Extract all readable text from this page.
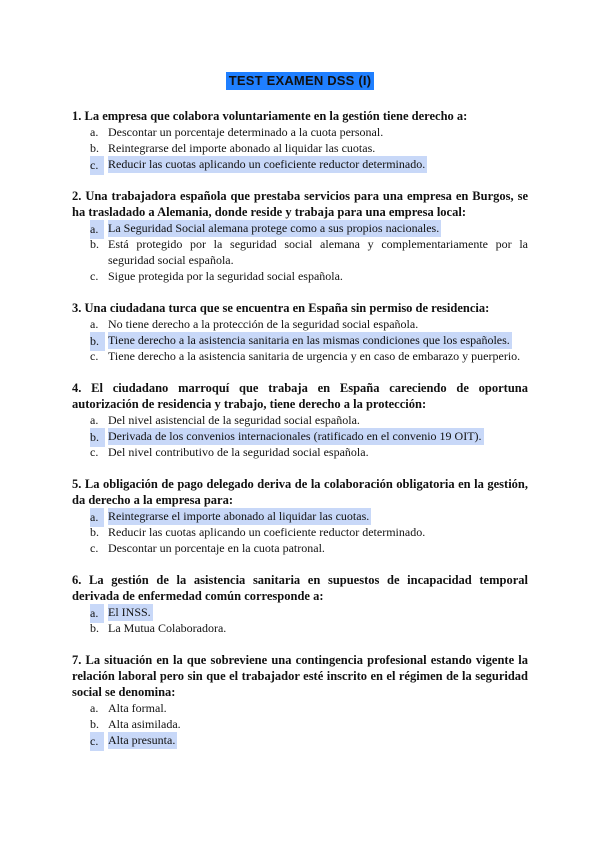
TEST EXAMEN DSS (I)

1. La empresa que colabora voluntariamente en la gestión tiene derecho a:

a. Descontar un porcentaje determinado a la cuota personal.

b. Reintegrarse del importe abonado al liquidar las cuotas.

c. Reducir las cuotas aplicando un coeficiente reductor determinado.

2. Una trabajadora española que prestaba servicios para una empresa en Burgos, se ha trasladado a Alemania, donde reside y trabaja para una empresa local:

a. La Seguridad Social alemana protege como a sus propios nacionales.

b. Está protegido por la seguridad social alemana y complementariamente por la seguridad social española.

c. Sigue protegida por la seguridad social española.

3. Una ciudadana turca que se encuentra en España sin permiso de residencia:

a. No tiene derecho a la protección de la seguridad social española.

b. Tiene derecho a la asistencia sanitaria en las mismas condiciones que los españoles.

c. Tiene derecho a la asistencia sanitaria de urgencia y en caso de embarazo y puerperio.

4. El ciudadano marroquí que trabaja en España careciendo de oportuna autorización de residencia y trabajo, tiene derecho a la protección:

a. Del nivel asistencial de la seguridad social española.

b. Derivada de los convenios internacionales (ratificado en el convenio 19 OIT).

c. Del nivel contributivo de la seguridad social española.

5. La obligación de pago delegado deriva de la colaboración obligatoria en la gestión, da derecho a la empresa para:

a. Reintegrarse el importe abonado al liquidar las cuotas.

b. Reducir las cuotas aplicando un coeficiente reductor determinado.

c. Descontar un porcentaje en la cuota patronal.

6. La gestión de la asistencia sanitaria en supuestos de incapacidad temporal derivada de enfermedad común corresponde a:

a. El INSS.

b. La Mutua Colaboradora.

7. La situación en la que sobreviene una contingencia profesional estando vigente la relación laboral pero sin que el trabajador esté inscrito en el régimen de la seguridad social se denomina:

a. Alta formal.

b. Alta asimilada.

c. Alta presunta.
